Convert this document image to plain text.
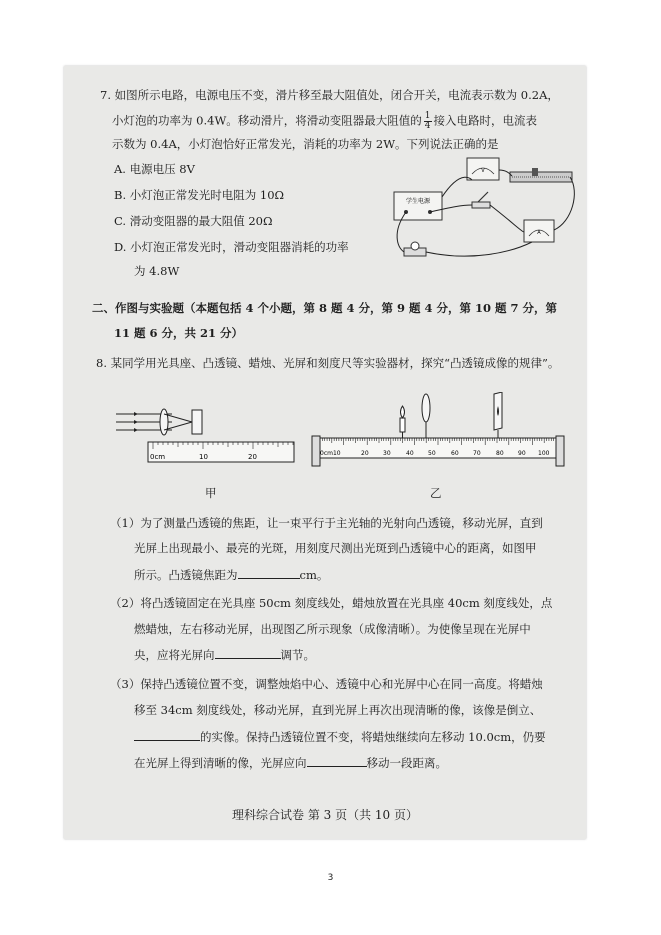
7. 如图所示电路，电源电压不变，滑片移至最大阻值处，闭合开关，电流表示数为 0.2A，
小灯泡的功率为 0.4W。移动滑片，将滑动变阻器最大阻值的 $\frac{1}{4}$ 接入电路时，电流表
示数为 0.4A，小灯泡恰好正常发光，消耗的功率为 2W。下列说法正确的是
A. 电源电压 8V
B. 小灯泡正常发光时电阻为 10Ω
C. 滑动变阻器的最大阻值 20Ω
D. 小灯泡正常发光时，滑动变阻器消耗的功率
为 4.8W
学生电源
V
A
二、作图与实验题（本题包括 4 个小题，第 8 题 4 分，第 9 题 4 分，第 10 题 7 分，第
11 题 6 分，共 21 分）
8. 某同学用光具座、凸透镜、蜡烛、光屏和刻度尺等实验器材，探究“凸透镜成像的规律”。
0cm	10	20
甲
0cm10	20 30	40 50	60 70	80 90 100
乙
（1）为了测量凸透镜的焦距，让一束平行于主光轴的光射向凸透镜，移动光屏，直到
光屏上出现最小、最亮的光斑，用刻度尺测出光斑到凸透镜中心的距离，如图甲
所示。凸透镜焦距为	cm。
（2）将凸透镜固定在光具座 50cm 刻度线处，蜡烛放置在光具座 40cm 刻度线处，点
燃蜡烛，左右移动光屏，出现图乙所示现象（成像清晰）。为使像呈现在光屏中
央，应将光屏向	调节。
（3）保持凸透镜位置不变，调整烛焰中心、透镜中心和光屏中心在同一高度。将蜡烛
移至 34cm 刻度线处，移动光屏，直到光屏上再次出现清晰的像，该像是倒立、
的实像。保持凸透镜位置不变，将蜡烛继续向左移动 10.0cm，仍要
在光屏上得到清晰的像，光屏应向	移动一段距离。
理科综合试卷 第 3 页（共 10 页）
3
